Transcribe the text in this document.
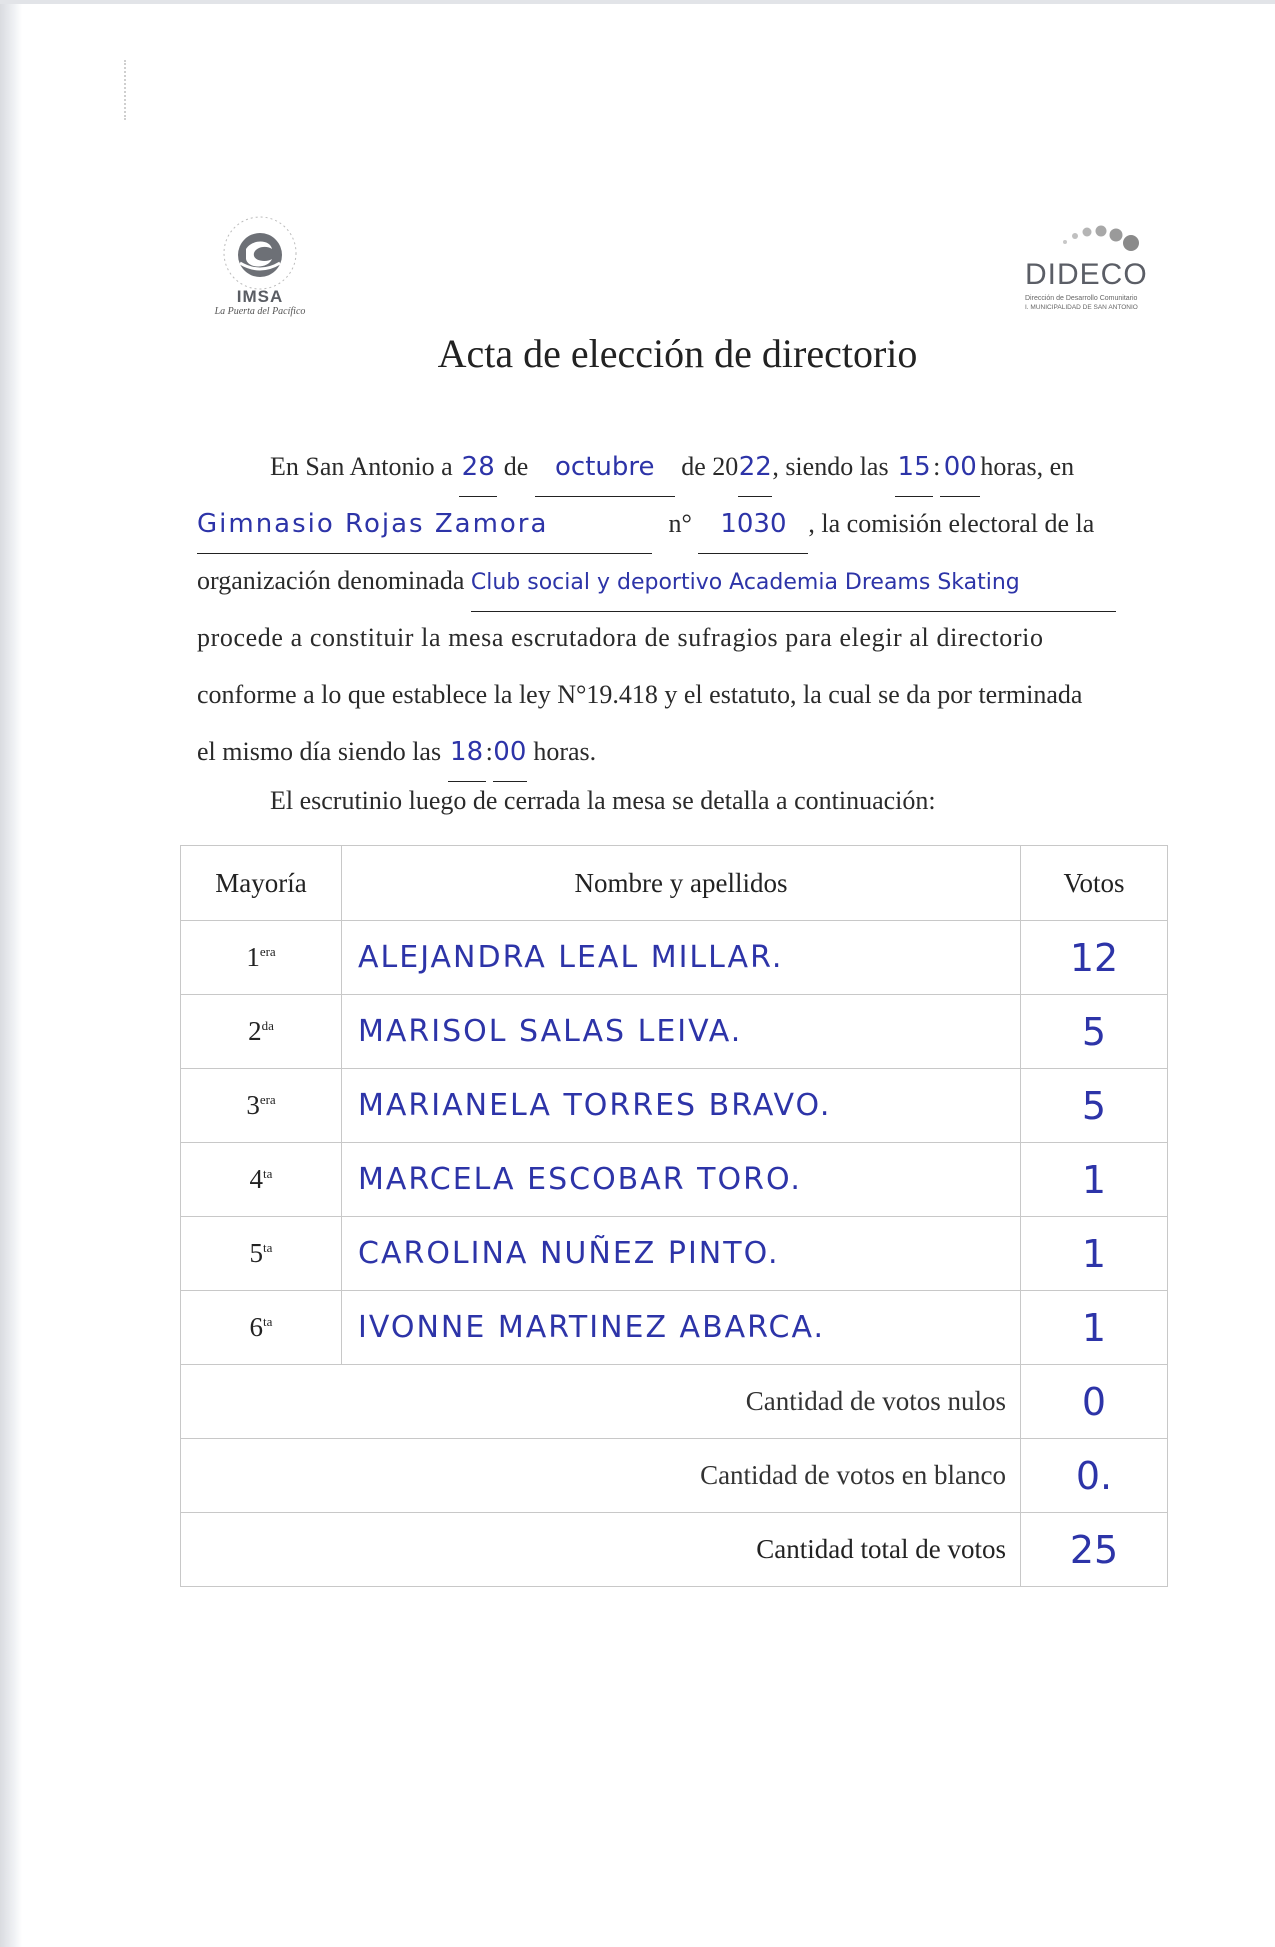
IMSA
La Puerta del Pacífico
DIDECO
Dirección de Desarrollo Comunitario
I. MUNICIPALIDAD DE SAN ANTONIO
Acta de elección de directorio
En San Antonio a 28 de octubre de 2022, siendo las 15: 00 horas, en
Gimnasio Rojas Zamora	n° 1030 , la comisión electoral de la
organización denominada Club social y deportivo Academia Dreams Skating
procede a constituir la mesa escrutadora de sufragios para elegir al directorio
conforme a lo que establece la ley N°19.418 y el estatuto, la cual se da por terminada
el mismo día siendo las 18:00 horas.
El escrutinio luego de cerrada la mesa se detalla a continuación:
Mayoría	Nombre y apellidos	Votos
$1^{era}$	ALEJANDRA LEAL MILLAR.	12
$2^{da}$	MARISOL SALAS LEIVA.	5
$3^{era}$	MARIANELA TORRES BRAVO.	5
$4^{ta}$	MARCELA ESCOBAR TORO.	1
$5^{ta}$	CAROLINA NUÑEZ PINTO.	1
$6^{ta}$	IVONNE MARTINEZ ABARCA.	1
Cantidad de votos nulos		0
Cantidad de votos en blanco		0.
Cantidad total de votos		25
